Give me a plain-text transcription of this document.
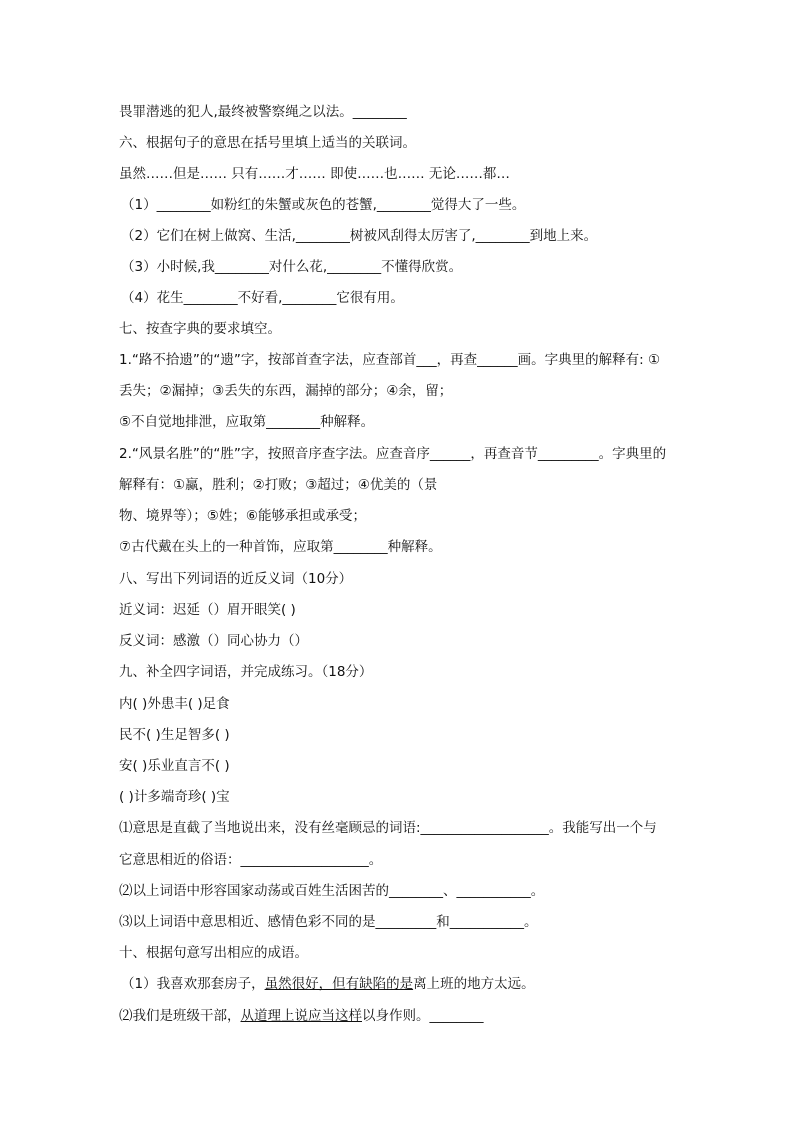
畏罪潜逃的犯人,最终被警察绳之以法。________
六、根据句子的意思在括号里填上适当的关联词。
虽然……但是…… 只有……才…… 即使……也…… 无论……都…
（1）________如粉红的朱蟹或灰色的苍蟹,________觉得大了一些。
（2）它们在树上做窝、生活,________树被风刮得太厉害了,________到地上来。
（3）小时候,我________对什么花,________不懂得欣赏。
（4）花生________不好看,________它很有用。
七、按查字典的要求填空。
1.“路不拾遗”的“遗”字，按部首查字法，应查部首___，再查______画。字典里的解释有: ①
丢失；②漏掉；③丢失的东西，漏掉的部分；④余，留；
⑤不自觉地排泄，应取第________种解释。
2.“风景名胜”的“胜”字，按照音序查字法。应查音序______，再查音节_________。字典里的
解释有：①赢，胜利；②打败；③超过；④优美的（景
物、境界等）；⑤姓；⑥能够承担或承受；
⑦古代戴在头上的一种首饰，应取第________种解释。
八、写出下列词语的近反义词（10分）
近义词：迟延（）眉开眼笑( )
反义词：感激（）同心协力（）
九、补全四字词语，并完成练习。（18分）
内( )外患丰( )足食
民不( )生足智多( )
安( )乐业直言不( )
( )计多端奇珍( )宝
⑴意思是直截了当地说出来，没有丝毫顾忌的词语:___________________。我能写出一个与
它意思相近的俗语：___________________。
⑵以上词语中形容国家动荡或百姓生活困苦的________、___________。
⑶以上词语中意思相近、感情色彩不同的是_________和___________。
十、根据句意写出相应的成语。
（1）我喜欢那套房子，虽然很好，但有缺陷的是离上班的地方太远。
⑵我们是班级干部，从道理上说应当这样以身作则。________
